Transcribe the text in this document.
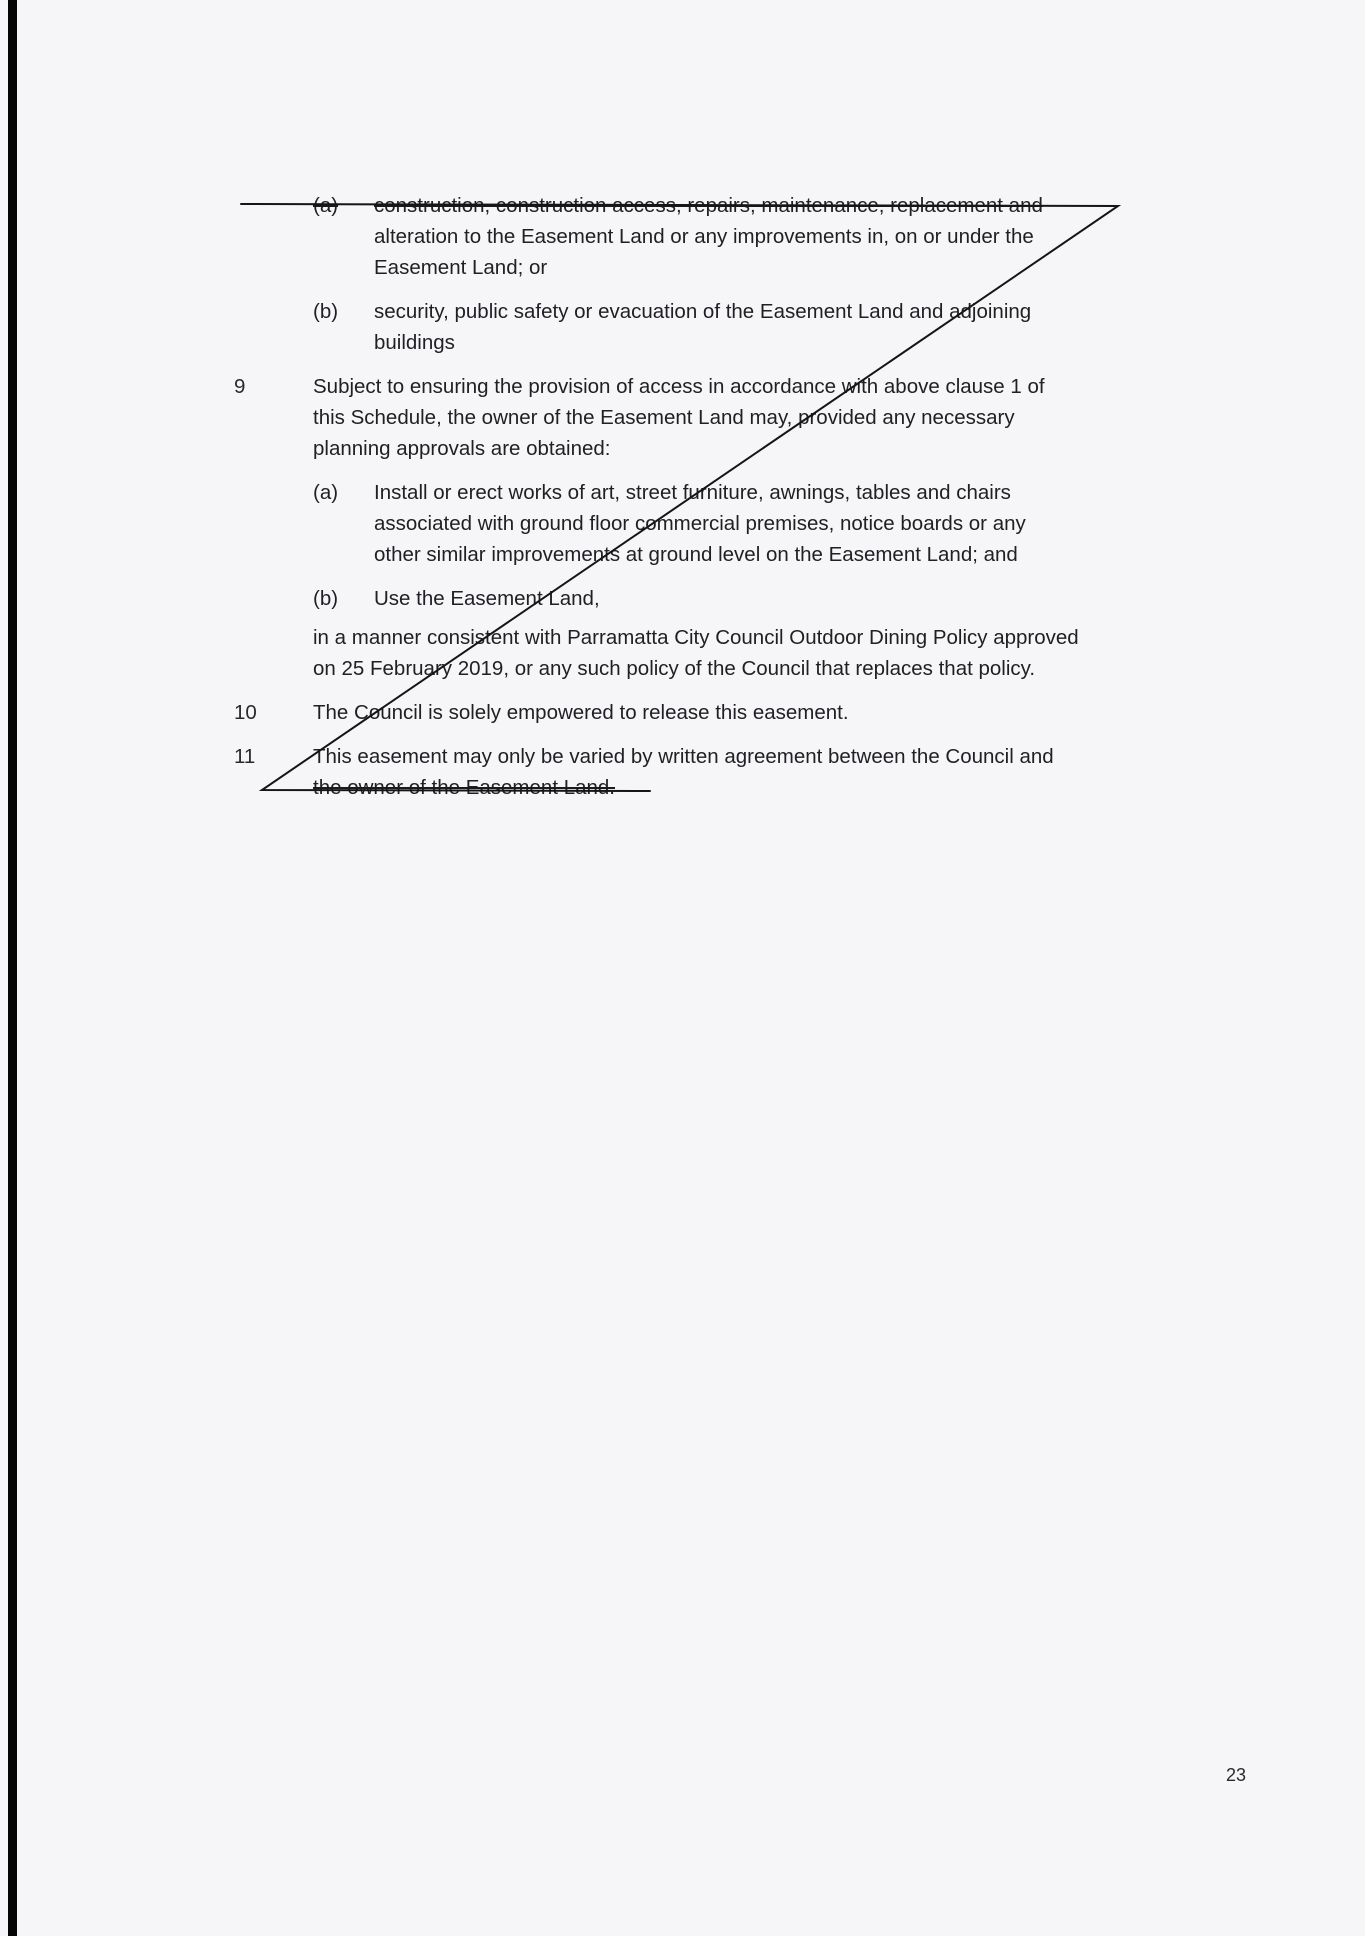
(a) construction, construction access, repairs, maintenance, replacement and
alteration to the Easement Land or any improvements in, on or under the
Easement Land; or
(b) security, public safety or evacuation of the Easement Land and adjoining
buildings
9	Subject to ensuring the provision of access in accordance with above clause 1 of
this Schedule, the owner of the Easement Land may, provided any necessary
planning approvals are obtained:
(a) Install or erect works of art, street furniture, awnings, tables and chairs
associated with ground floor commercial premises, notice boards or any
other similar improvements at ground level on the Easement Land; and
(b) Use the Easement Land,
in a manner consistent with Parramatta City Council Outdoor Dining Policy approved
on 25 February 2019, or any such policy of the Council that replaces that policy.
10	The Council is solely empowered to release this easement.
11	This easement may only be varied by written agreement between the Council and
the owner of the Easement Land.
23
